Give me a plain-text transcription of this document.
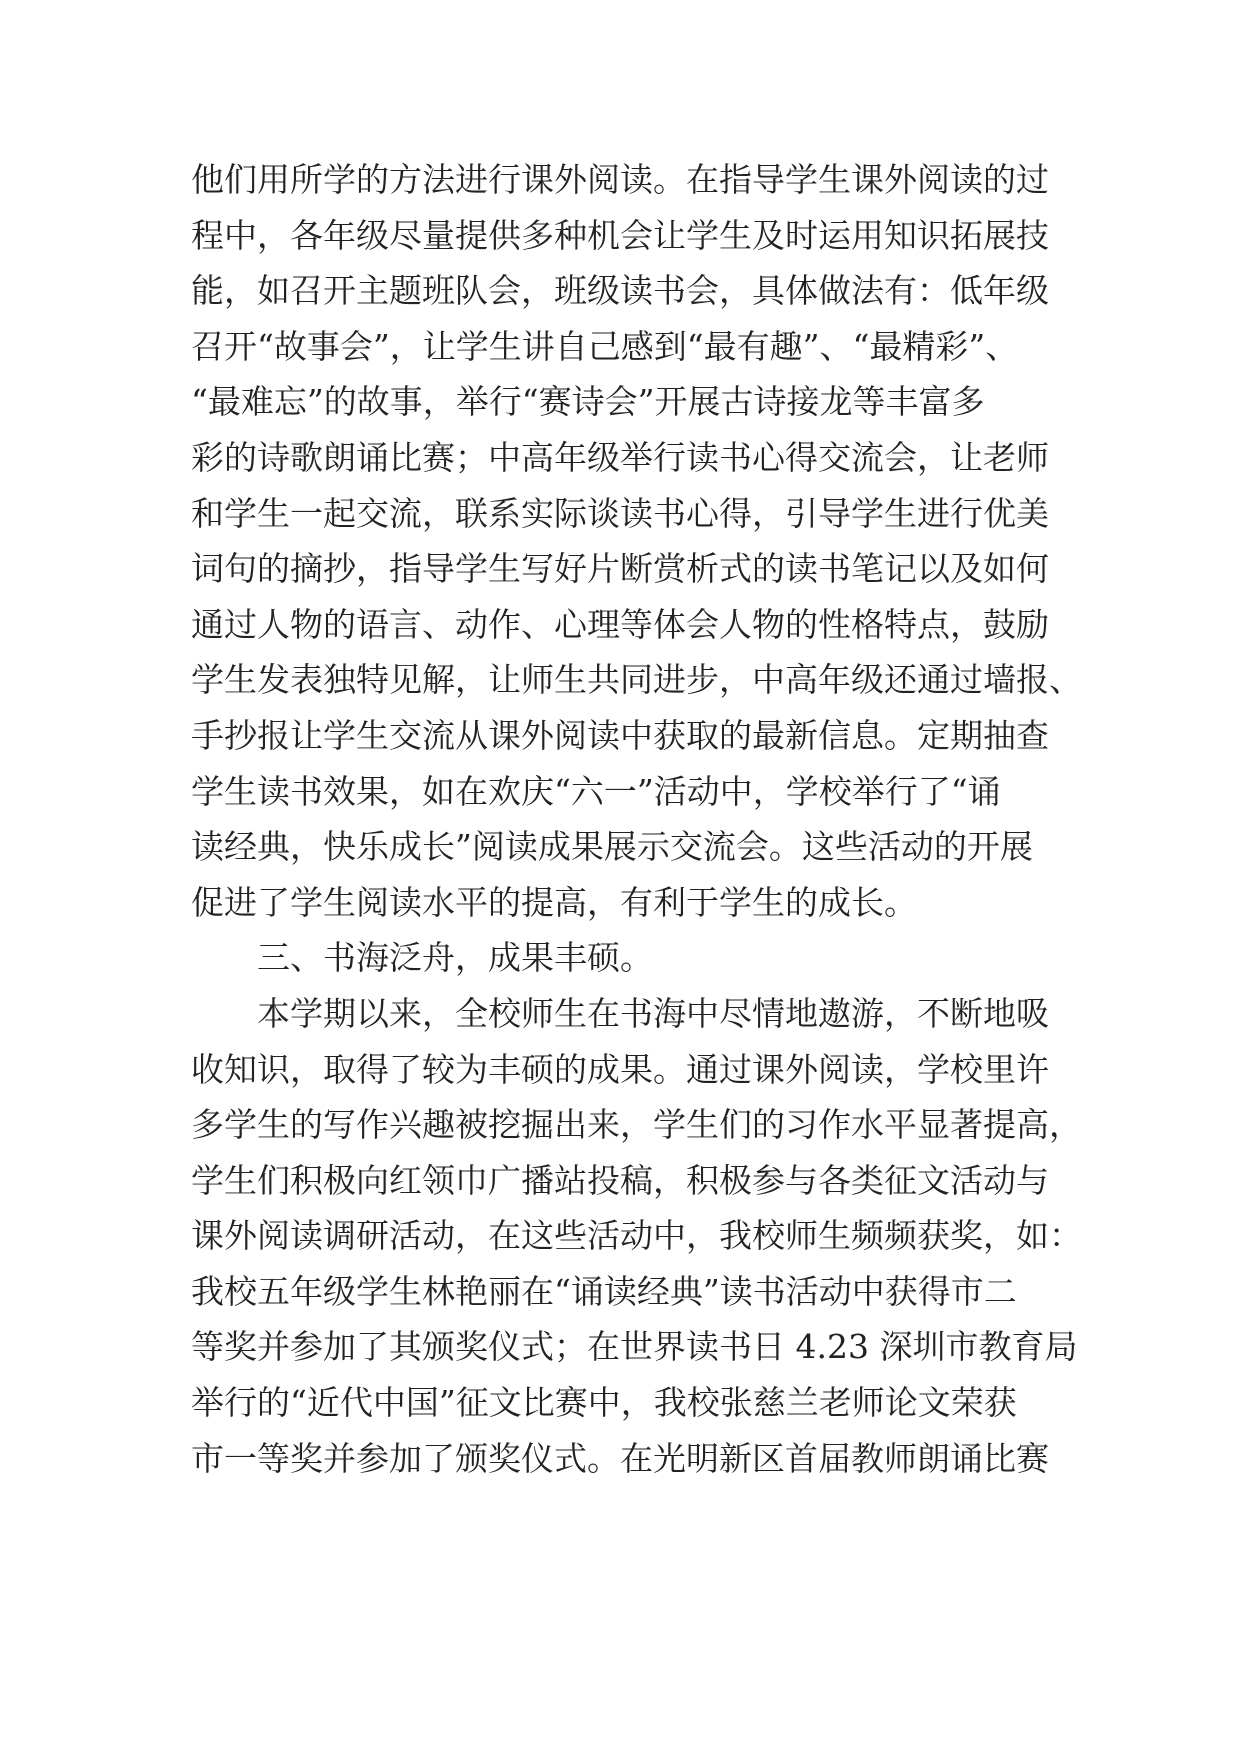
他们用所学的方法进行课外阅读。在指导学生课外阅读的过
程中，各年级尽量提供多种机会让学生及时运用知识拓展技
能，如召开主题班队会，班级读书会，具体做法有：低年级
召开“故事会”，让学生讲自己感到“最有趣”、“最精彩”、
“最难忘”的故事，举行“赛诗会”开展古诗接龙等丰富多
彩的诗歌朗诵比赛；中高年级举行读书心得交流会，让老师
和学生一起交流，联系实际谈读书心得，引导学生进行优美
词句的摘抄，指导学生写好片断赏析式的读书笔记以及如何
通过人物的语言、动作、心理等体会人物的性格特点，鼓励
学生发表独特见解，让师生共同进步，中高年级还通过墙报、
手抄报让学生交流从课外阅读中获取的最新信息。定期抽查
学生读书效果，如在欢庆“六一”活动中，学校举行了“诵
读经典，快乐成长”阅读成果展示交流会。这些活动的开展
促进了学生阅读水平的提高，有利于学生的成长。
三、书海泛舟，成果丰硕。
本学期以来，全校师生在书海中尽情地遨游，不断地吸
收知识，取得了较为丰硕的成果。通过课外阅读，学校里许
多学生的写作兴趣被挖掘出来，学生们的习作水平显著提高，
学生们积极向红领巾广播站投稿，积极参与各类征文活动与
课外阅读调研活动，在这些活动中，我校师生频频获奖，如：
我校五年级学生林艳丽在“诵读经典”读书活动中获得市二
等奖并参加了其颁奖仪式；在世界读书日 4.23 深圳市教育局
举行的“近代中国”征文比赛中，我校张慈兰老师论文荣获
市一等奖并参加了颁奖仪式。在光明新区首届教师朗诵比赛
